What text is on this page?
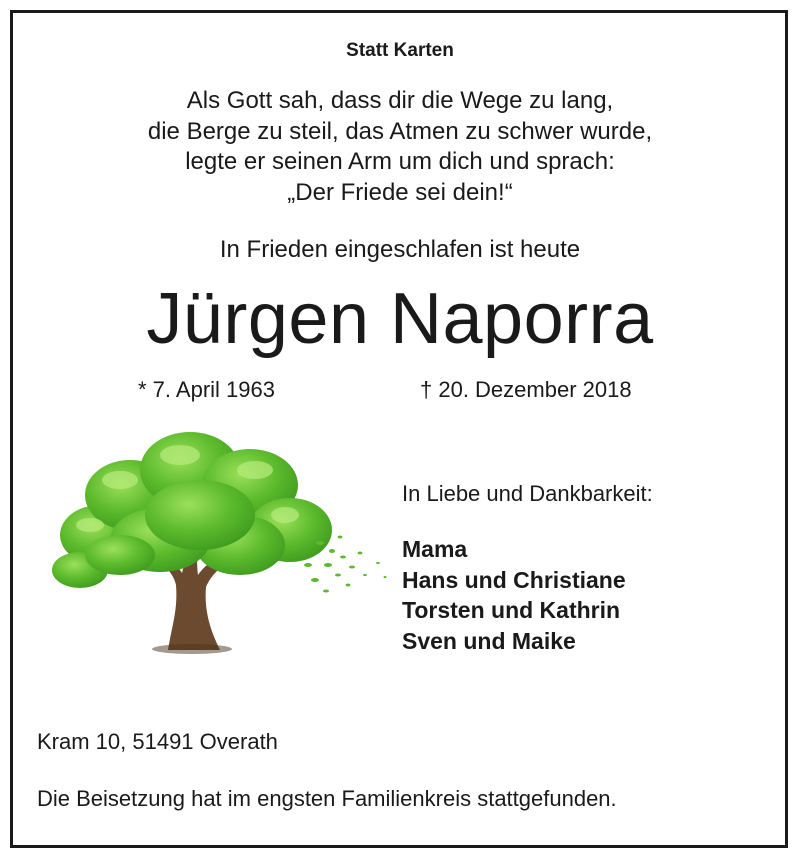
Statt Karten
Als Gott sah, dass dir die Wege zu lang,
die Berge zu steil, das Atmen zu schwer wurde,
legte er seinen Arm um dich und sprach:
„Der Friede sei dein!“
In Frieden eingeschlafen ist heute
Jürgen Naporra
* 7. April 1963	† 20. Dezember 2018
In Liebe und Dankbarkeit:
Mama
Hans und Christiane
Torsten und Kathrin
Sven und Maike
Kram 10, 51491 Overath
Die Beisetzung hat im engsten Familienkreis stattgefunden.
